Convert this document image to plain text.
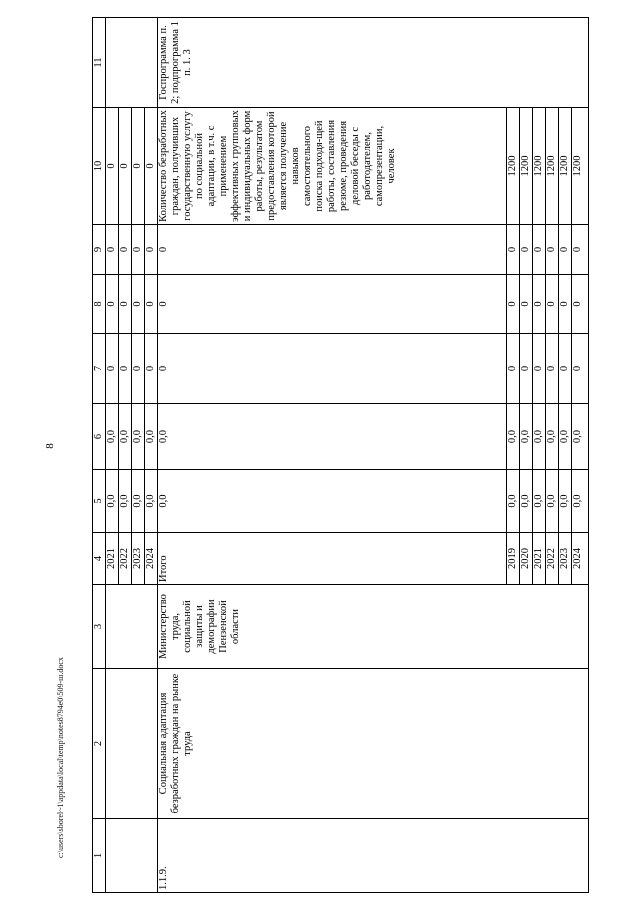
8
c:\users\sborel~1\appdata\local\temp\notes8794e0\509-ш.docx	1	2	3	4	5	6	7	8	9	10	11
			2021	0,0	0,0	0	0	0	0	
			2022	0,0	0,0	0	0	0	0	
			2023	0,0	0,0	0	0	0	0	
			2024	0,0	0,0	0	0	0	0	
1.1.9.	Социальная адаптация безработных граждан на рынке труда	Министерство труда, социальной защиты и демографии Пензенской области	Итого	0,0	0,0	0	0	0	Количество безработных граждан, получивших государственную услугу по социальной адаптации, в т.ч. с применением эффективных групповых и индивидуальных форм работы, результатом предоставления которой является получение навыков самостоятельного поиска подходя-щей работы, составления резюме, проведения деловой беседы с работодателем, самопрезентации, человек	Госпрограмма п. 2; подпрограмма 1 п. 1. 3
			2019	0,0	0,0	0	0	0	1200	
			2020	0,0	0,0	0	0	0	1200	
			2021	0,0	0,0	0	0	0	1200	
			2022	0,0	0,0	0	0	0	1200	
			2023	0,0	0,0	0	0	0	1200	
			2024	0,0	0,0	0	0	0	1200	
